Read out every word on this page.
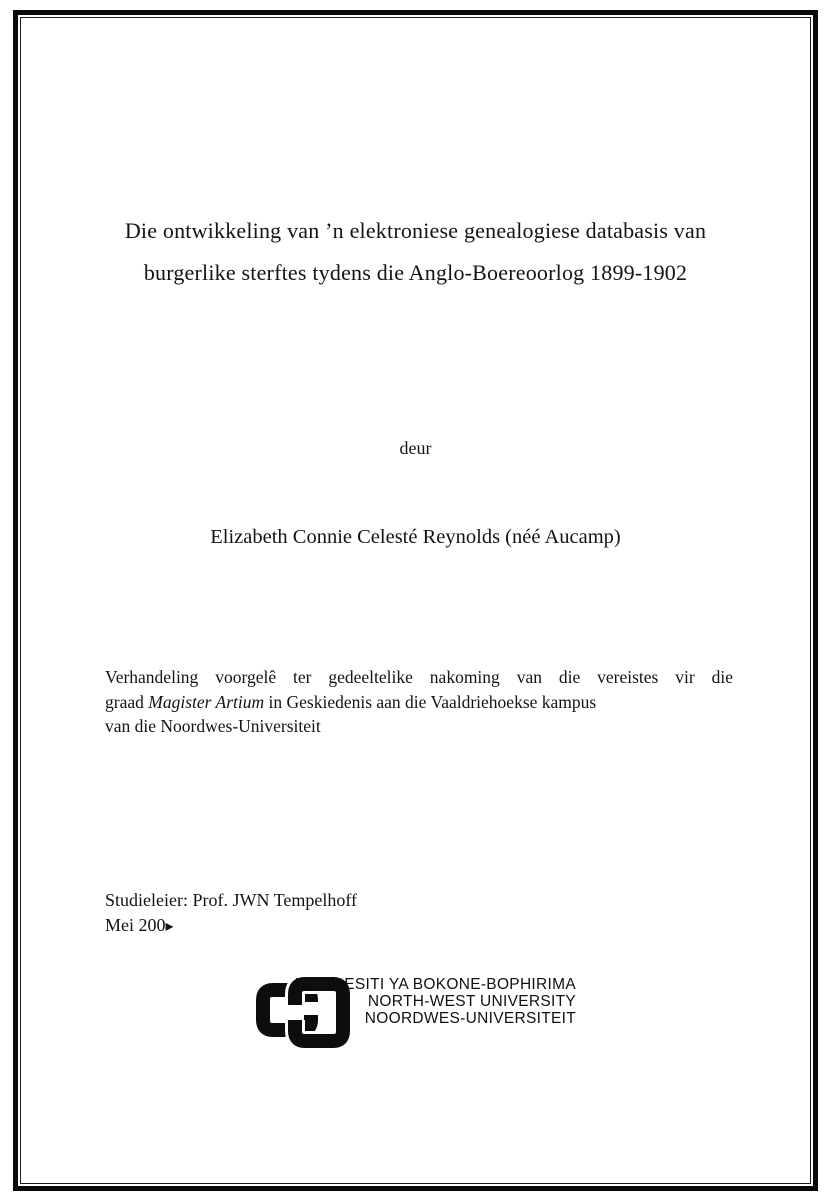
Die ontwikkeling van ’n elektroniese genealogiese databasis van
burgerlike sterftes tydens die Anglo-Boereoorlog 1899-1902
deur
Elizabeth Connie Celesté Reynolds (néé Aucamp)
Verhandeling voorgelê ter gedeeltelike nakoming van die vereistes vir die
graad Magister Artium in Geskiedenis aan die Vaaldriehoekse kampus
van die Noordwes-Universiteit
Studieleier: Prof. JWN Tempelhoff
Mei 200▸
YUNIBESITI YA BOKONE-BOPHIRIMA
NORTH-WEST UNIVERSITY
NOORDWES-UNIVERSITEIT
